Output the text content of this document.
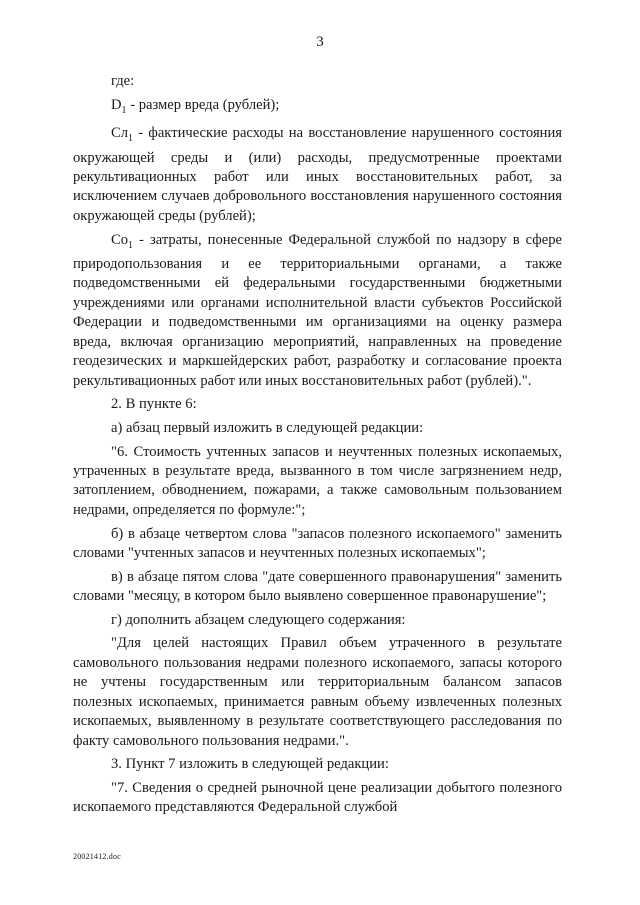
3

где:

$D_1$ - размер вреда (рублей);

$Сл_1$ - фактические расходы на восстановление нарушенного состояния окружающей среды и (или) расходы, предусмотренные проектами рекультивационных работ или иных восстановительных работ, за исключением случаев добровольного восстановления нарушенного состояния окружающей среды (рублей);

$Со_1$ - затраты, понесенные Федеральной службой по надзору в сфере природопользования и ее территориальными органами, а также подведомственными ей федеральными государственными бюджетными учреждениями или органами исполнительной власти субъектов Российской Федерации и подведомственными им организациями на оценку размера вреда, включая организацию мероприятий, направленных на проведение геодезических и маркшейдерских работ, разработку и согласование проекта рекультивационных работ или иных восстановительных работ (рублей).".

2. В пункте 6:

а) абзац первый изложить в следующей редакции:

"6. Стоимость учтенных запасов и неучтенных полезных ископаемых, утраченных в результате вреда, вызванного в том числе загрязнением недр, затоплением, обводнением, пожарами, а также самовольным пользованием недрами, определяется по формуле:";

б) в абзаце четвертом слова "запасов полезного ископаемого" заменить словами "учтенных запасов и неучтенных полезных ископаемых";

в) в абзаце пятом слова "дате совершенного правонарушения" заменить словами "месяцу, в котором было выявлено совершенное правонарушение";

г) дополнить абзацем следующего содержания:

"Для целей настоящих Правил объем утраченного в результате самовольного пользования недрами полезного ископаемого, запасы которого не учтены государственным или территориальным балансом запасов полезных ископаемых, принимается равным объему извлеченных полезных ископаемых, выявленному в результате соответствующего расследования по факту самовольного пользования недрами.".

3. Пункт 7 изложить в следующей редакции:

"7. Сведения о средней рыночной цене реализации добытого полезного ископаемого представляются Федеральной службой

20021412.doc
